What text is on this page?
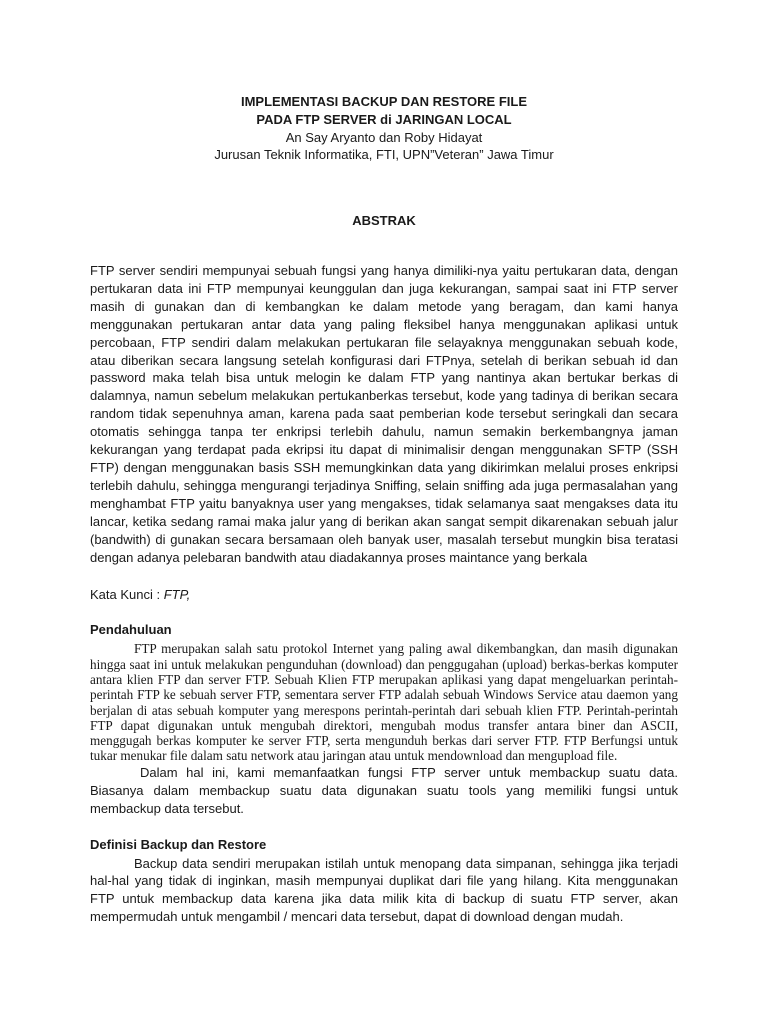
IMPLEMENTASI BACKUP DAN RESTORE FILE
PADA FTP SERVER di JARINGAN LOCAL
An Say Aryanto dan Roby Hidayat
Jurusan Teknik Informatika, FTI, UPN”Veteran” Jawa Timur
ABSTRAK
FTP server sendiri mempunyai sebuah fungsi yang hanya dimiliki-nya yaitu pertukaran data, dengan pertukaran data ini FTP mempunyai keunggulan dan juga kekurangan, sampai saat ini FTP server masih di gunakan dan di kembangkan ke dalam metode yang beragam, dan kami hanya menggunakan pertukaran antar data yang paling fleksibel hanya menggunakan aplikasi untuk percobaan, FTP sendiri dalam melakukan pertukaran file selayaknya menggunakan sebuah kode, atau diberikan secara langsung setelah konfigurasi dari FTPnya, setelah di berikan sebuah id dan password maka telah bisa untuk melogin ke dalam FTP yang nantinya akan bertukar berkas di dalamnya, namun sebelum melakukan pertukanberkas tersebut, kode yang tadinya di berikan secara random tidak sepenuhnya aman, karena pada saat pemberian kode tersebut seringkali dan secara otomatis sehingga tanpa ter enkripsi terlebih dahulu, namun semakin berkembangnya jaman kekurangan yang terdapat pada ekripsi itu dapat di minimalisir dengan menggunakan SFTP (SSH FTP) dengan menggunakan basis SSH memungkinkan data yang dikirimkan melalui proses enkripsi terlebih dahulu, sehingga mengurangi terjadinya Sniffing, selain sniffing ada juga permasalahan yang menghambat FTP yaitu banyaknya user yang mengakses, tidak selamanya saat mengakses data itu lancar, ketika sedang ramai maka jalur yang di berikan akan sangat sempit dikarenakan sebuah jalur (bandwith) di gunakan secara bersamaan oleh banyak user, masalah tersebut mungkin bisa teratasi dengan adanya pelebaran bandwith atau diadakannya proses maintance yang berkala
Kata Kunci : FTP,
Pendahuluan
FTP merupakan salah satu protokol Internet yang paling awal dikembangkan, dan masih digunakan hingga saat ini untuk melakukan pengunduhan (download) dan penggugahan (upload) berkas-berkas komputer antara klien FTP dan server FTP. Sebuah Klien FTP merupakan aplikasi yang dapat mengeluarkan perintah-perintah FTP ke sebuah server FTP, sementara server FTP adalah sebuah Windows Service atau daemon yang berjalan di atas sebuah komputer yang merespons perintah-perintah dari sebuah klien FTP. Perintah-perintah FTP dapat digunakan untuk mengubah direktori, mengubah modus transfer antara biner dan ASCII, menggugah berkas komputer ke server FTP, serta mengunduh berkas dari server FTP. FTP Berfungsi untuk tukar menukar file dalam satu network atau jaringan atau untuk mendownload dan mengupload file.
Dalam hal ini, kami memanfaatkan fungsi FTP server untuk membackup suatu data. Biasanya dalam membackup suatu data digunakan suatu tools yang memiliki fungsi untuk membackup data tersebut.
Definisi Backup dan Restore
Backup data sendiri merupakan istilah untuk menopang data simpanan, sehingga jika terjadi hal-hal yang tidak di inginkan, masih mempunyai duplikat dari file yang hilang. Kita menggunakan FTP untuk membackup data karena jika data milik kita di backup di suatu FTP server, akan mempermudah untuk mengambil / mencari data tersebut, dapat di download dengan mudah.
